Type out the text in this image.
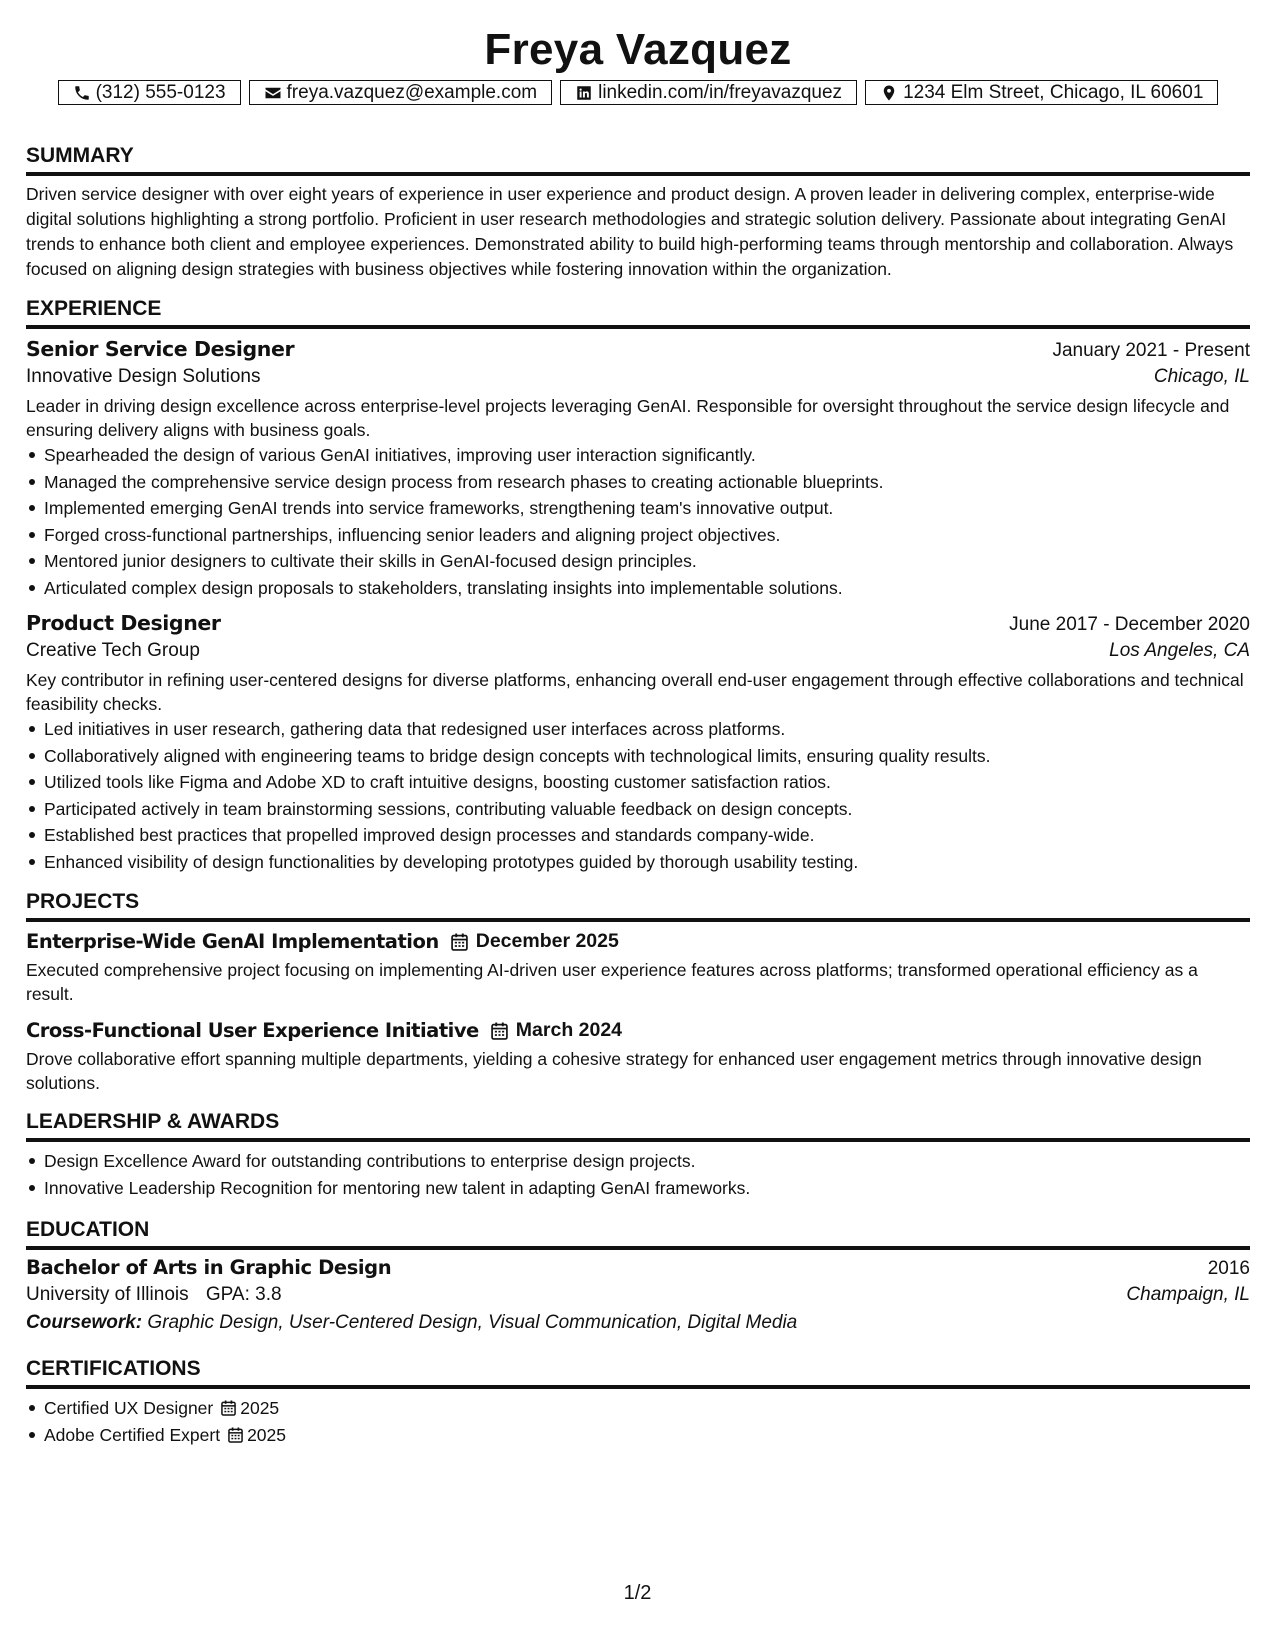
Freya Vazquez
(312) 555-0123	freya.vazquez@example.com	linkedin.com/in/freyavazquez	1234 Elm Street, Chicago, IL 60601
SUMMARY

Driven service designer with over eight years of experience in user experience and product design. A proven leader in delivering complex, enterprise-wide digital solutions highlighting a strong portfolio. Proficient in user research methodologies and strategic solution delivery. Passionate about integrating GenAI trends to enhance both client and employee experiences. Demonstrated ability to build high-performing teams through mentorship and collaboration. Always focused on aligning design strategies with business objectives while fostering innovation within the organization.

EXPERIENCE
Senior Service Designer	January 2021 - Present
Innovative Design Solutions	Chicago, IL

Leader in driving design excellence across enterprise-level projects leveraging GenAI. Responsible for oversight throughout the service design lifecycle and ensuring delivery aligns with business goals.

Spearheaded the design of various GenAI initiatives, improving user interaction significantly.
Managed the comprehensive service design process from research phases to creating actionable blueprints.
Implemented emerging GenAI trends into service frameworks, strengthening team's innovative output.
Forged cross-functional partnerships, influencing senior leaders and aligning project objectives.
Mentored junior designers to cultivate their skills in GenAI-focused design principles.
Articulated complex design proposals to stakeholders, translating insights into implementable solutions.
Product Designer	June 2017 - December 2020
Creative Tech Group	Los Angeles, CA

Key contributor in refining user-centered designs for diverse platforms, enhancing overall end-user engagement through effective collaborations and technical feasibility checks.

Led initiatives in user research, gathering data that redesigned user interfaces across platforms.
Collaboratively aligned with engineering teams to bridge design concepts with technological limits, ensuring quality results.
Utilized tools like Figma and Adobe XD to craft intuitive designs, boosting customer satisfaction ratios.
Participated actively in team brainstorming sessions, contributing valuable feedback on design concepts.
Established best practices that propelled improved design processes and standards company-wide.
Enhanced visibility of design functionalities by developing prototypes guided by thorough usability testing.
PROJECTS
Enterprise-Wide GenAI Implementation December 2025

Executed comprehensive project focusing on implementing AI-driven user experience features across platforms; transformed operational efficiency as a result.

Cross-Functional User Experience Initiative March 2024

Drove collaborative effort spanning multiple departments, yielding a cohesive strategy for enhanced user engagement metrics through innovative design solutions.

LEADERSHIP & AWARDS
Design Excellence Award for outstanding contributions to enterprise design projects.
Innovative Leadership Recognition for mentoring new talent in adapting GenAI frameworks.
EDUCATION
Bachelor of Arts in Graphic Design	2016
University of Illinois GPA: 3.8	Champaign, IL
Coursework: Graphic Design, User-Centered Design, Visual Communication, Digital Media
CERTIFICATIONS
Certified UX Designer 2025
Adobe Certified Expert 2025
1/2
